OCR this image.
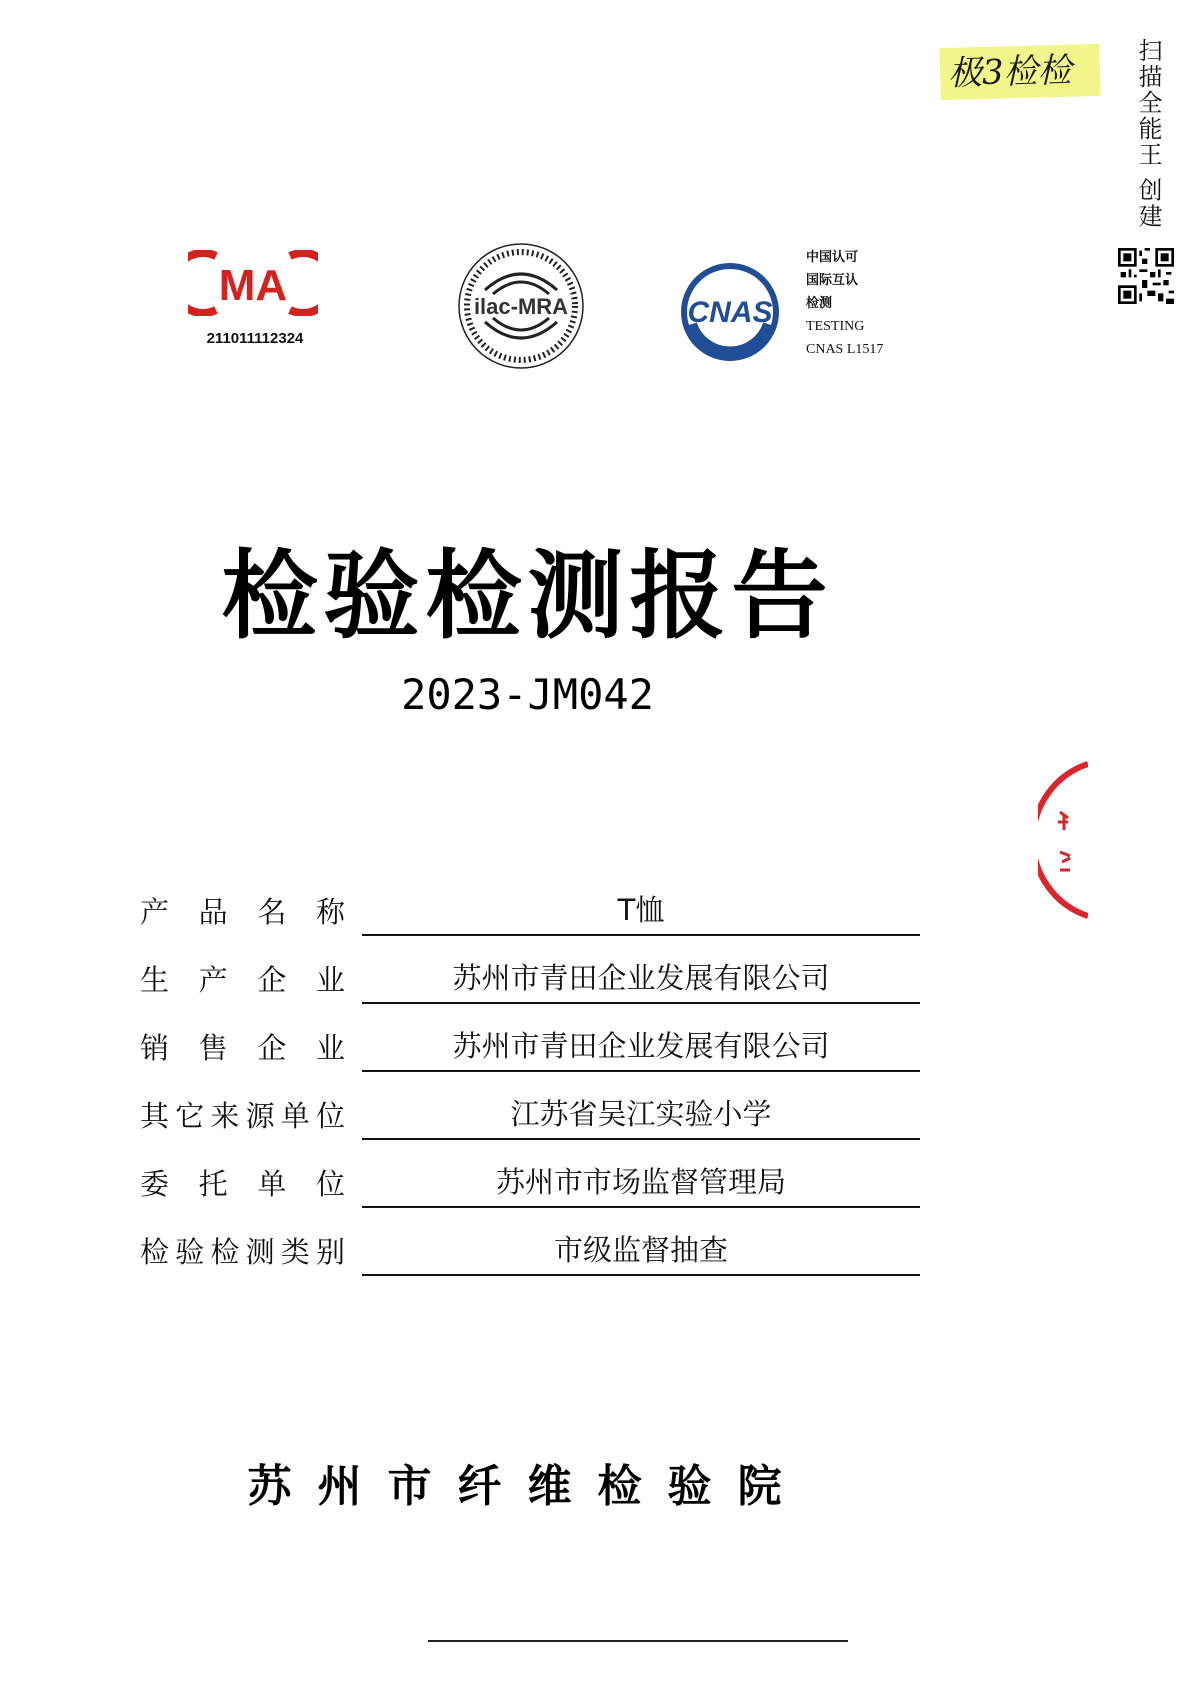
极3检检	扫描全能王 创建
MA
211011112324
ilac-MRA	CNAS
中国认可
国际互认
检测
TESTING
CNAS L1517
检验检测报告
2023-JM042
产 品 名 称	T恤
生 产 企 业	苏州市青田企业发展有限公司
销 售 企 业	苏州市青田企业发展有限公司
其 它 来 源 单 位	江苏省吴江实验小学
委 托 单 位	苏州市市场监督管理局
检 验 检 测 类 别	市级监督抽查
苏州市纤维检验院
